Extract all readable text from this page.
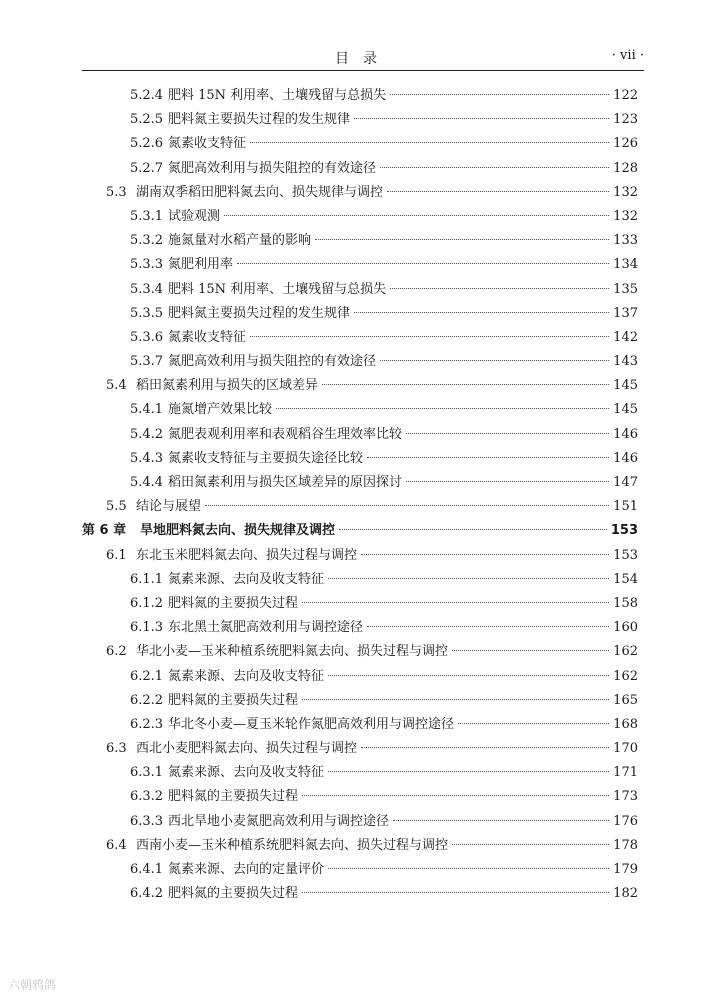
目录	· vii ·
5.2.4 肥料 15N 利用率、土壤残留与总损失	122
5.2.5 肥料氮主要损失过程的发生规律	123
5.2.6 氮素收支特征	126
5.2.7 氮肥高效利用与损失阻控的有效途径	128
5.3 湖南双季稻田肥料氮去向、损失规律与调控	132
5.3.1 试验观测	132
5.3.2 施氮量对水稻产量的影响	133
5.3.3 氮肥利用率	134
5.3.4 肥料 15N 利用率、土壤残留与总损失	135
5.3.5 肥料氮主要损失过程的发生规律	137
5.3.6 氮素收支特征	142
5.3.7 氮肥高效利用与损失阻控的有效途径	143
5.4 稻田氮素利用与损失的区域差异	145
5.4.1 施氮增产效果比较	145
5.4.2 氮肥表观利用率和表观稻谷生理效率比较	146
5.4.3 氮素收支特征与主要损失途径比较	146
5.4.4 稻田氮素利用与损失区域差异的原因探讨	147
5.5 结论与展望	151
第 6 章	旱地肥料氮去向、损失规律及调控	153
6.1 东北玉米肥料氮去向、损失过程与调控	153
6.1.1 氮素来源、去向及收支特征	154
6.1.2 肥料氮的主要损失过程	158
6.1.3 东北黑土氮肥高效利用与调控途径	160
6.2 华北小麦—玉米种植系统肥料氮去向、损失过程与调控	162
6.2.1 氮素来源、去向及收支特征	162
6.2.2 肥料氮的主要损失过程	165
6.2.3 华北冬小麦—夏玉米轮作氮肥高效利用与调控途径	168
6.3 西北小麦肥料氮去向、损失过程与调控	170
6.3.1 氮素来源、去向及收支特征	171
6.3.2 肥料氮的主要损失过程	173
6.3.3 西北旱地小麦氮肥高效利用与调控途径	176
6.4 西南小麦—玉米种植系统肥料氮去向、损失过程与调控	178
6.4.1 氮素来源、去向的定量评价	179
6.4.2 肥料氮的主要损失过程	182
六朝鸦鸽
